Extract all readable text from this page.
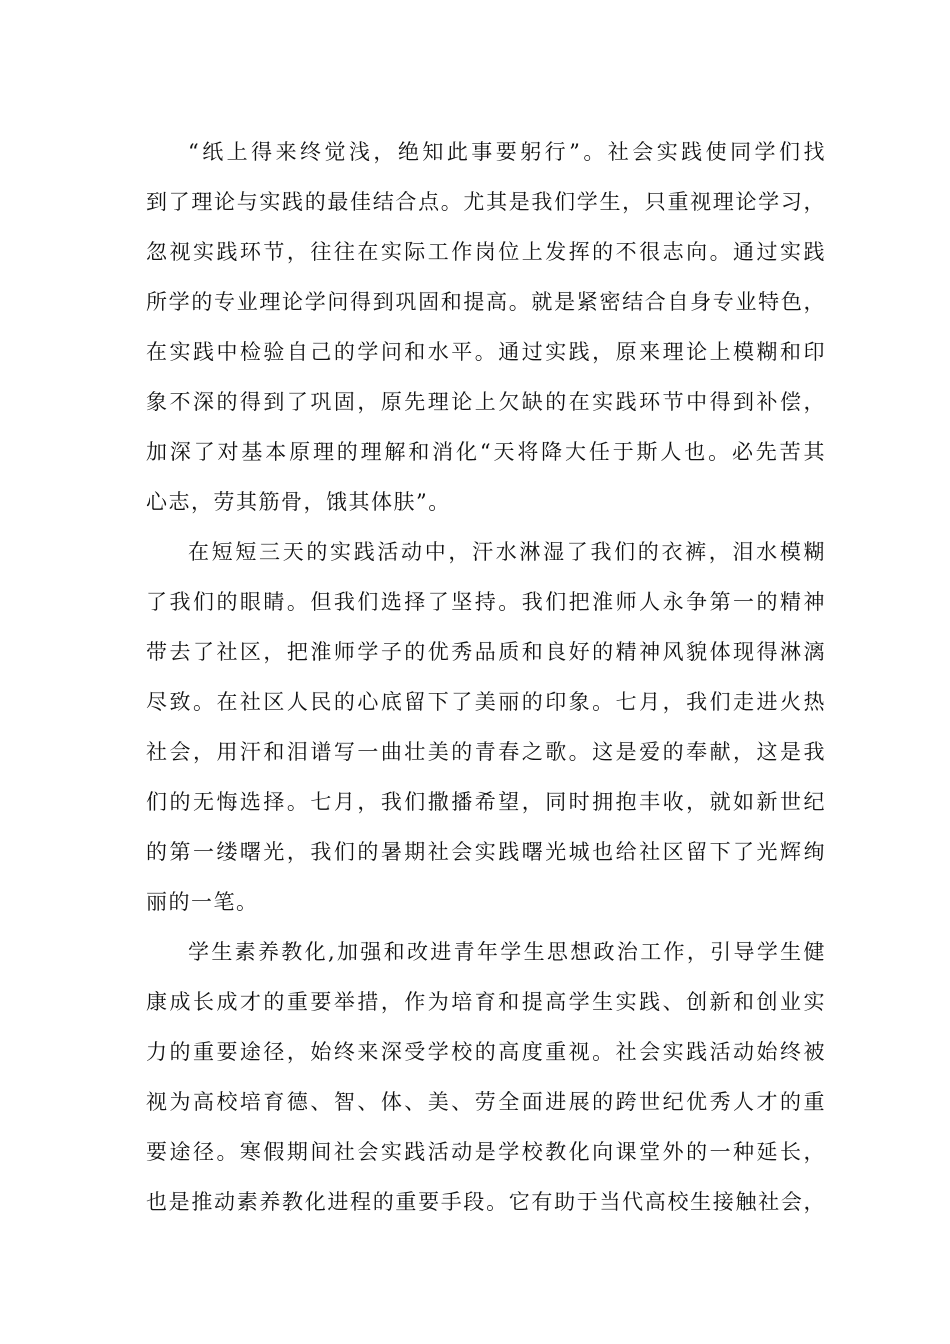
“纸上得来终觉浅，绝知此事要躬行”。社会实践使同学们找
到了理论与实践的最佳结合点。尤其是我们学生，只重视理论学习，
忽视实践环节，往往在实际工作岗位上发挥的不很志向。通过实践
所学的专业理论学问得到巩固和提高。就是紧密结合自身专业特色，
在实践中检验自己的学问和水平。通过实践，原来理论上模糊和印
象不深的得到了巩固，原先理论上欠缺的在实践环节中得到补偿，
加深了对基本原理的理解和消化“天将降大任于斯人也。必先苦其
心志，劳其筋骨，饿其体肤”。
在短短三天的实践活动中，汗水淋湿了我们的衣裤，泪水模糊
了我们的眼睛。但我们选择了坚持。我们把淮师人永争第一的精神
带去了社区，把淮师学子的优秀品质和良好的精神风貌体现得淋漓
尽致。在社区人民的心底留下了美丽的印象。七月，我们走进火热
社会，用汗和泪谱写一曲壮美的青春之歌。这是爱的奉献，这是我
们的无悔选择。七月，我们撒播希望，同时拥抱丰收，就如新世纪
的第一缕曙光，我们的暑期社会实践曙光城也给社区留下了光辉绚
丽的一笔。
学生素养教化,加强和改进青年学生思想政治工作，引导学生健
康成长成才的重要举措，作为培育和提高学生实践、创新和创业实
力的重要途径，始终来深受学校的高度重视。社会实践活动始终被
视为高校培育德、智、体、美、劳全面进展的跨世纪优秀人才的重
要途径。寒假期间社会实践活动是学校教化向课堂外的一种延长，
也是推动素养教化进程的重要手段。它有助于当代高校生接触社会，
